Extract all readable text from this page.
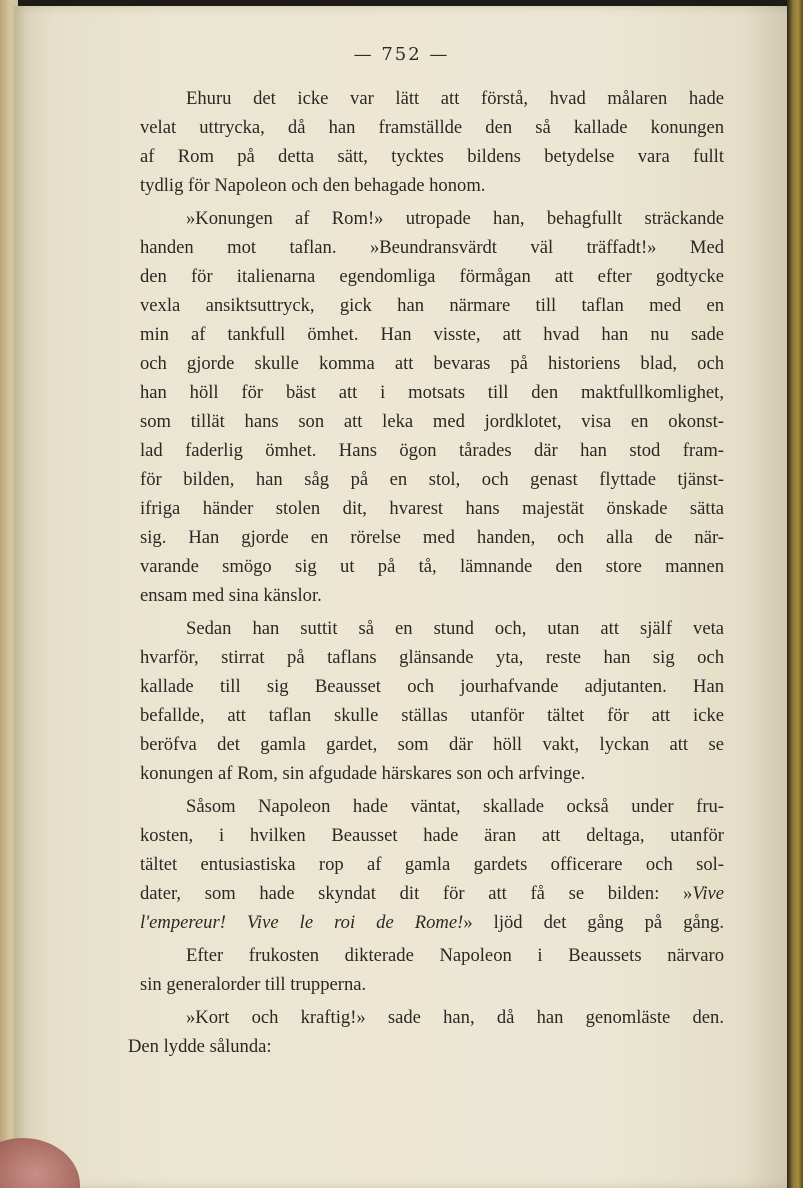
— 752 —
Ehuru det icke var lätt att förstå, hvad målaren hade
velat uttrycka, då han framställde den så kallade konungen
af Rom på detta sätt, tycktes bildens betydelse vara fullt
tydlig för Napoleon och den behagade honom.
»Konungen af Rom!» utropade han, behagfullt sträckande
handen mot taflan. »Beundransvärdt väl träffadt!» Med
den för italienarna egendomliga förmågan att efter godtycke
vexla ansiktsuttryck, gick han närmare till taflan med en
min af tankfull ömhet. Han visste, att hvad han nu sade
och gjorde skulle komma att bevaras på historiens blad, och
han höll för bäst att i motsats till den maktfullkomlighet,
som tillät hans son att leka med jordklotet, visa en okonst-
lad faderlig ömhet. Hans ögon tårades där han stod fram-
för bilden, han såg på en stol, och genast flyttade tjänst-
ifriga händer stolen dit, hvarest hans majestät önskade sätta
sig. Han gjorde en rörelse med handen, och alla de när-
varande smögo sig ut på tå, lämnande den store mannen
ensam med sina känslor.
Sedan han suttit så en stund och, utan att själf veta
hvarför, stirrat på taflans glänsande yta, reste han sig och
kallade till sig Beausset och jourhafvande adjutanten. Han
befallde, att taflan skulle ställas utanför tältet för att icke
beröfva det gamla gardet, som där höll vakt, lyckan att se
konungen af Rom, sin afgudade härskares son och arfvinge.
Såsom Napoleon hade väntat, skallade också under fru-
kosten, i hvilken Beausset hade äran att deltaga, utanför
tältet entusiastiska rop af gamla gardets officerare och sol-
dater, som hade skyndat dit för att få se bilden: »Vive
l'empereur! Vive le roi de Rome!» ljöd det gång på gång.
Efter frukosten dikterade Napoleon i Beaussets närvaro
sin generalorder till trupperna.
»Kort och kraftig!» sade han, då han genomläste den.
Den lydde sålunda:
